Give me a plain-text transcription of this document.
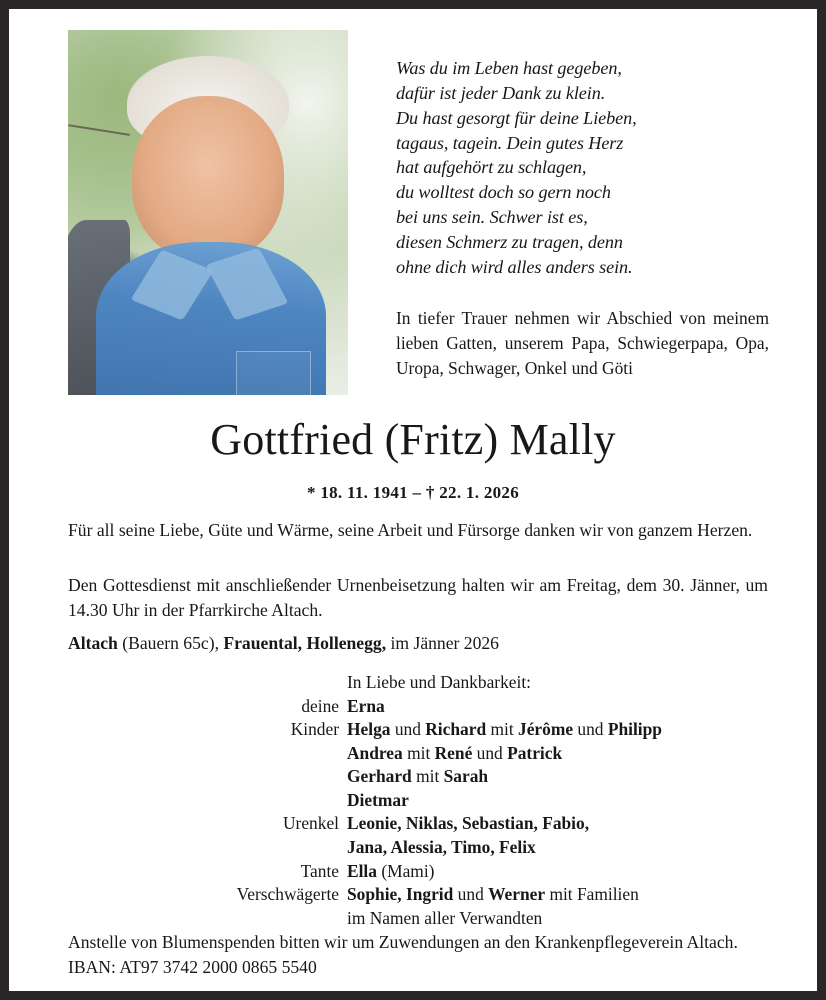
Was du im Leben hast gegeben,
dafür ist jeder Dank zu klein.
Du hast gesorgt für deine Lieben,
tagaus, tagein. Dein gutes Herz
hat aufgehört zu schlagen,
du wolltest doch so gern noch
bei uns sein. Schwer ist es,
diesen Schmerz zu tragen, denn
ohne dich wird alles anders sein.
In tiefer Trauer nehmen wir Abschied von meinem lieben Gatten, unserem Papa, Schwiegerpapa, Opa, Uropa, Schwager, Onkel und Göti
Gottfried (Fritz) Mally
* 18. 11. 1941 – † 22. 1. 2026
Für all seine Liebe, Güte und Wärme, seine Arbeit und Fürsorge danken wir von ganzem Herzen.
Den Gottesdienst mit anschließender Urnenbeisetzung halten wir am Freitag, dem 30. Jänner, um 14.30 Uhr in der Pfarrkirche Altach.
Altach (Bauern 65c), Frauental, Hollenegg, im Jänner 2026
In Liebe und Dankbarkeit:
deine Erna
Kinder Helga und Richard mit Jérôme und Philipp
Andrea mit René und Patrick
Gerhard mit Sarah
Dietmar
Urenkel Leonie, Niklas, Sebastian, Fabio,
Jana, Alessia, Timo, Felix
Tante Ella (Mami)
Verschwägerte Sophie, Ingrid und Werner mit Familien
im Namen aller Verwandten
Anstelle von Blumenspenden bitten wir um Zuwendungen an den Krankenpflegeverein Altach. IBAN: AT97 3742 2000 0865 5540
